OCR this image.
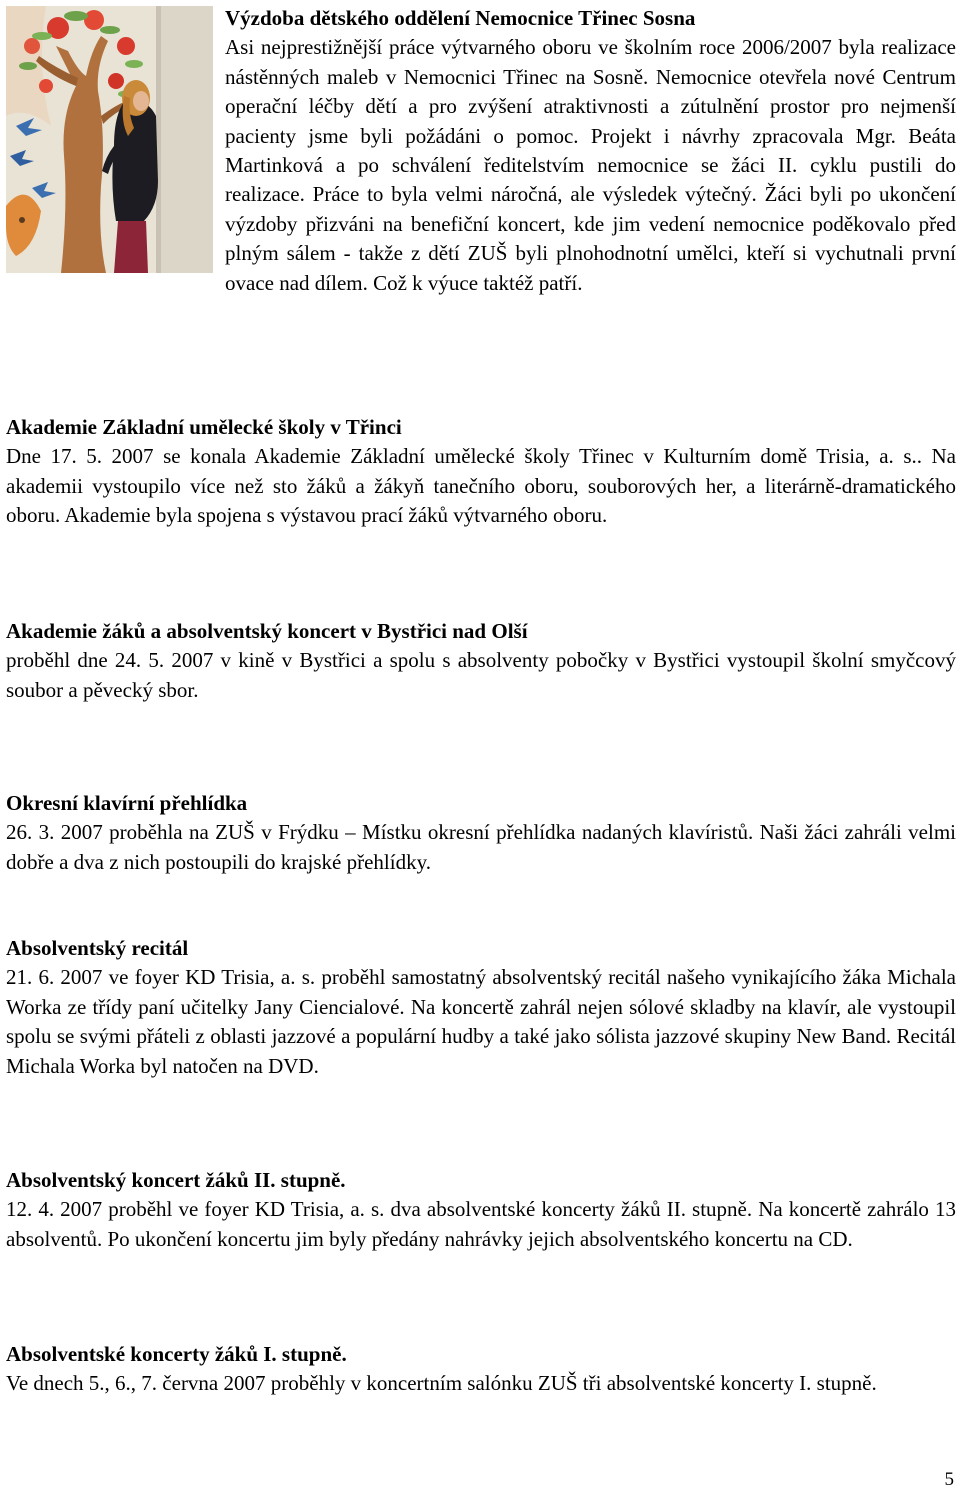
Výzdoba dětského oddělení Nemocnice Třinec Sosna
Asi nejprestižnější práce výtvarného oboru ve školním roce 2006/2007 byla realizace nástěnných maleb v Nemocnici Třinec na Sosně. Nemocnice otevřela nové Centrum operační léčby dětí a pro zvýšení atraktivnosti a zútulnění prostor pro nejmenší pacienty jsme byli požádáni o pomoc. Projekt i návrhy zpracovala Mgr. Beáta Martinková a po schválení ředitelstvím nemocnice se žáci II. cyklu pustili do realizace. Práce to byla velmi náročná, ale výsledek výtečný. Žáci byli po ukončení výzdoby přizváni na benefiční koncert, kde jim vedení nemocnice poděkovalo před plným sálem - takže z dětí ZUŠ byli plnohodnotní umělci, kteří si vychutnali první ovace nad dílem. Což k výuce taktéž patří.

Akademie Základní umělecké školy v Třinci

Dne 17. 5. 2007 se konala Akademie Základní umělecké školy Třinec v Kulturním domě Trisia, a. s.. Na akademii vystoupilo více než sto žáků a žákyň tanečního oboru, souborových her, a literárně-dramatického oboru. Akademie byla spojena s výstavou prací žáků výtvarného oboru.

Akademie žáků a absolventský koncert v Bystřici nad Olší

proběhl dne 24. 5. 2007 v kině v Bystřici a spolu s absolventy pobočky v Bystřici vystoupil školní smyčcový soubor a pěvecký sbor.

Okresní klavírní přehlídka

26. 3. 2007 proběhla na ZUŠ v Frýdku – Místku okresní přehlídka nadaných klavíristů. Naši žáci zahráli velmi dobře a dva z nich postoupili do krajské přehlídky.

Absolventský recitál

21. 6. 2007 ve foyer KD Trisia, a. s. proběhl samostatný absolventský recitál našeho vynikajícího žáka Michala Worka ze třídy paní učitelky Jany Ciencialové. Na koncertě zahrál nejen sólové skladby na klavír, ale vystoupil spolu se svými přáteli z oblasti jazzové a populární hudby a také jako sólista jazzové skupiny New Band. Recitál Michala Worka byl natočen na DVD.

Absolventský koncert žáků II. stupně.

12. 4. 2007 proběhl ve foyer KD Trisia, a. s. dva absolventské koncerty žáků II. stupně. Na koncertě zahrálo 13 absolventů. Po ukončení koncertu jim byly předány nahrávky jejich absolventského koncertu na CD.

Absolventské koncerty žáků I. stupně.

Ve dnech 5., 6., 7. června 2007 proběhly v koncertním salónku ZUŠ tři absolventské koncerty I. stupně.

5
